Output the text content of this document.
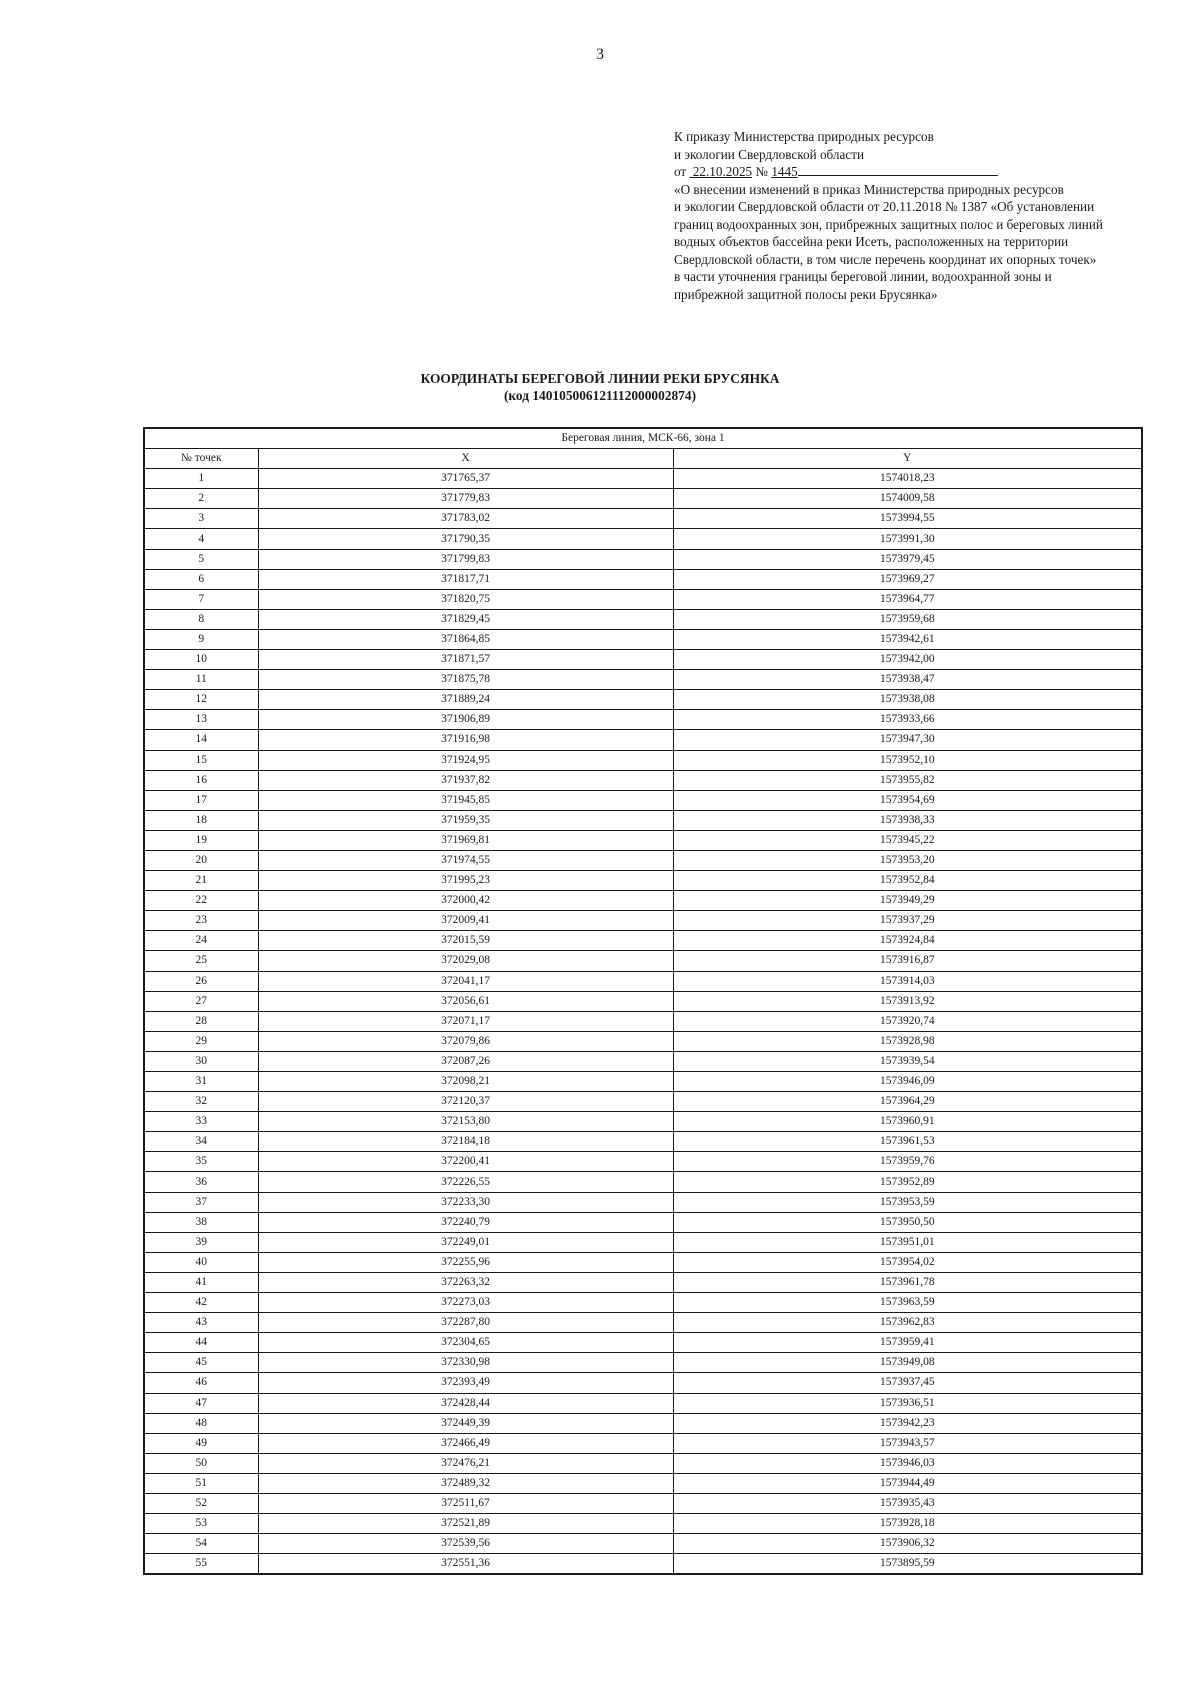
3
К приказу Министерства природных ресурсов
и экологии Свердловской области
от 22.10.2025 № 1445
«О внесении изменений в приказ Министерства природных ресурсов
и экологии Свердловской области от 20.11.2018 № 1387 «Об установлении
границ водоохранных зон, прибрежных защитных полос и береговых линий
водных объектов бассейна реки Исеть, расположенных на территории
Свердловской области, в том числе перечень координат их опорных точек»
в части уточнения границы береговой линии, водоохранной зоны и
прибрежной защитной полосы реки Брусянка»
КООРДИНАТЫ БЕРЕГОВОЙ ЛИНИИ РЕКИ БРУСЯНКА
(код 140105006121112000002874)
Береговая линия, МСК-66, зона 1		
№ точек	X	Y
1	371765,37	1574018,23
2	371779,83	1574009,58
3	371783,02	1573994,55
4	371790,35	1573991,30
5	371799,83	1573979,45
6	371817,71	1573969,27
7	371820,75	1573964,77
8	371829,45	1573959,68
9	371864,85	1573942,61
10	371871,57	1573942,00
11	371875,78	1573938,47
12	371889,24	1573938,08
13	371906,89	1573933,66
14	371916,98	1573947,30
15	371924,95	1573952,10
16	371937,82	1573955,82
17	371945,85	1573954,69
18	371959,35	1573938,33
19	371969,81	1573945,22
20	371974,55	1573953,20
21	371995,23	1573952,84
22	372000,42	1573949,29
23	372009,41	1573937,29
24	372015,59	1573924,84
25	372029,08	1573916,87
26	372041,17	1573914,03
27	372056,61	1573913,92
28	372071,17	1573920,74
29	372079,86	1573928,98
30	372087,26	1573939,54
31	372098,21	1573946,09
32	372120,37	1573964,29
33	372153,80	1573960,91
34	372184,18	1573961,53
35	372200,41	1573959,76
36	372226,55	1573952,89
37	372233,30	1573953,59
38	372240,79	1573950,50
39	372249,01	1573951,01
40	372255,96	1573954,02
41	372263,32	1573961,78
42	372273,03	1573963,59
43	372287,80	1573962,83
44	372304,65	1573959,41
45	372330,98	1573949,08
46	372393,49	1573937,45
47	372428,44	1573936,51
48	372449,39	1573942,23
49	372466,49	1573943,57
50	372476,21	1573946,03
51	372489,32	1573944,49
52	372511,67	1573935,43
53	372521,89	1573928,18
54	372539,56	1573906,32
55	372551,36	1573895,59
